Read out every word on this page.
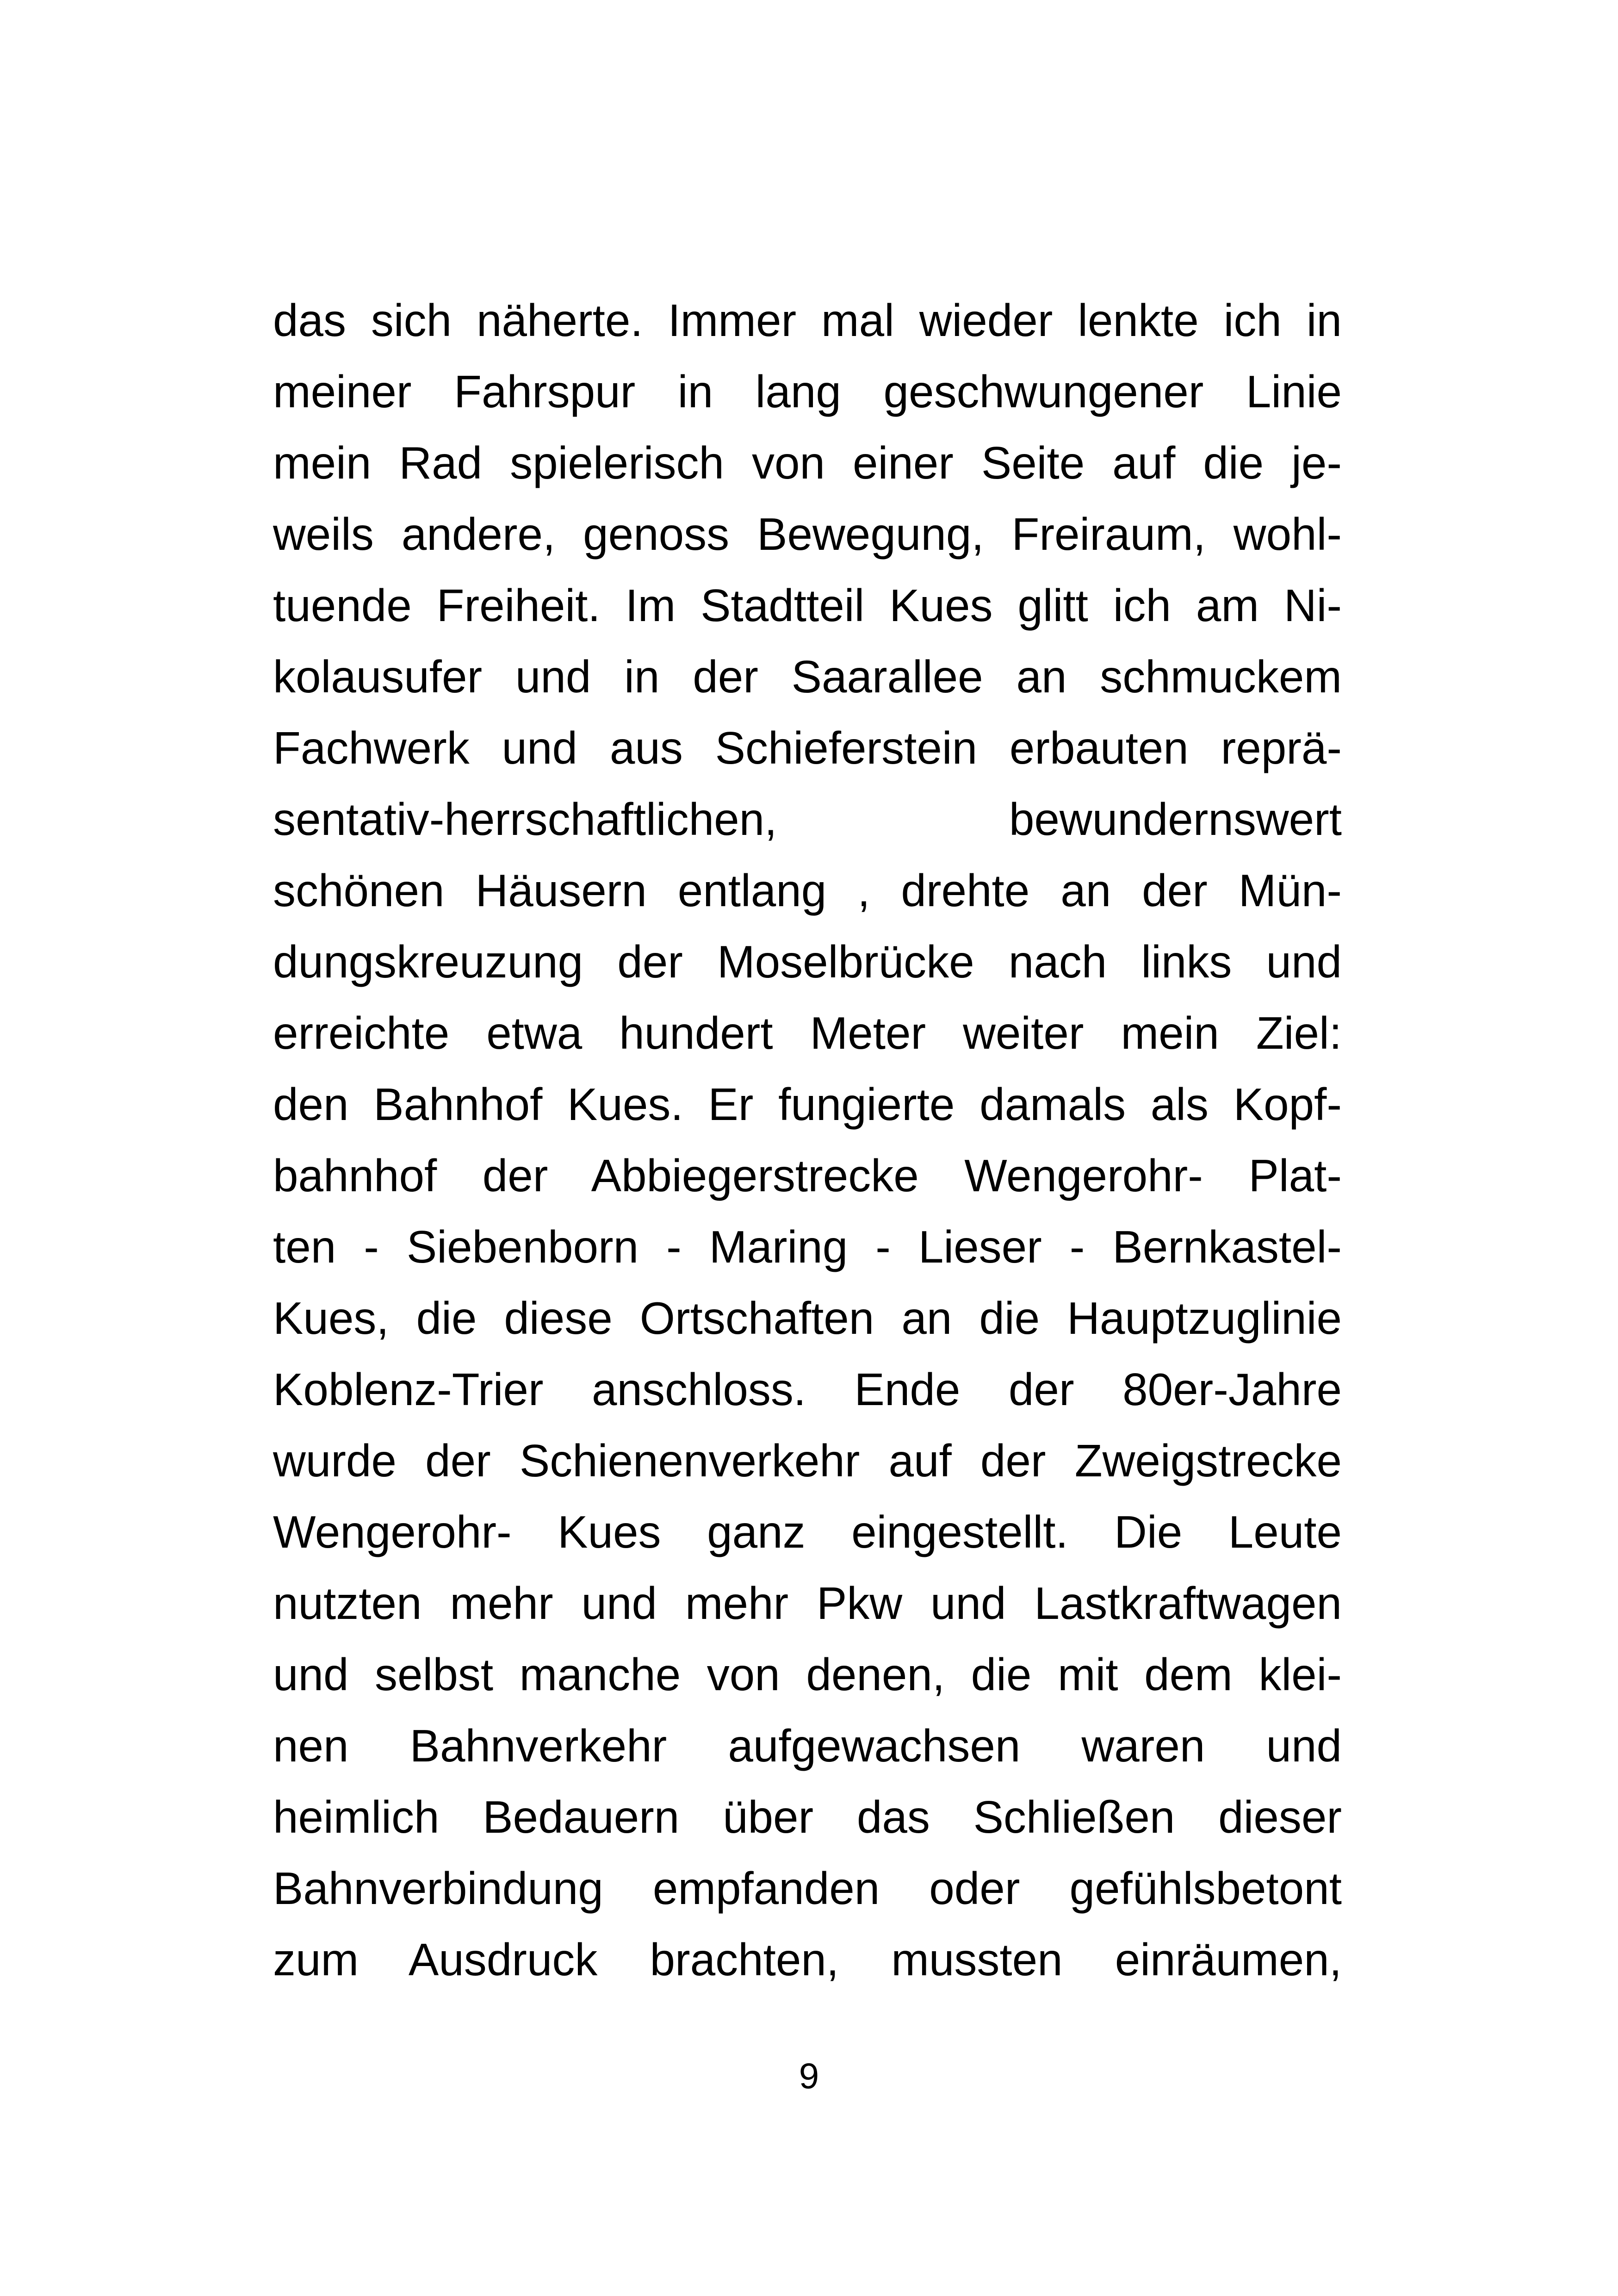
das sich näherte. Immer mal wieder lenkte ich in
meiner Fahrspur in lang geschwungener Linie
mein Rad spielerisch von einer Seite auf die je-
weils andere, genoss Bewegung, Freiraum, wohl-
tuende Freiheit. Im Stadtteil Kues glitt ich am Ni-
kolausufer und in der Saarallee an schmuckem
Fachwerk und aus Schieferstein erbauten reprä-
sentativ-herrschaftlichen, bewundernswert
schönen Häusern entlang , drehte an der Mün-
dungskreuzung der Moselbrücke nach links und
erreichte etwa hundert Meter weiter mein Ziel:
den Bahnhof Kues. Er fungierte damals als Kopf-
bahnhof der Abbiegerstrecke Wengerohr- Plat-
ten - Siebenborn - Maring - Lieser - Bernkastel-
Kues, die diese Ortschaften an die Hauptzuglinie
Koblenz-Trier anschloss. Ende der 80er-Jahre
wurde der Schienenverkehr auf der Zweigstrecke
Wengerohr- Kues ganz eingestellt. Die Leute
nutzten mehr und mehr Pkw und Lastkraftwagen
und selbst manche von denen, die mit dem klei-
nen Bahnverkehr aufgewachsen waren und
heimlich Bedauern über das Schließen dieser
Bahnverbindung empfanden oder gefühlsbetont
zum Ausdruck brachten, mussten einräumen,
9
